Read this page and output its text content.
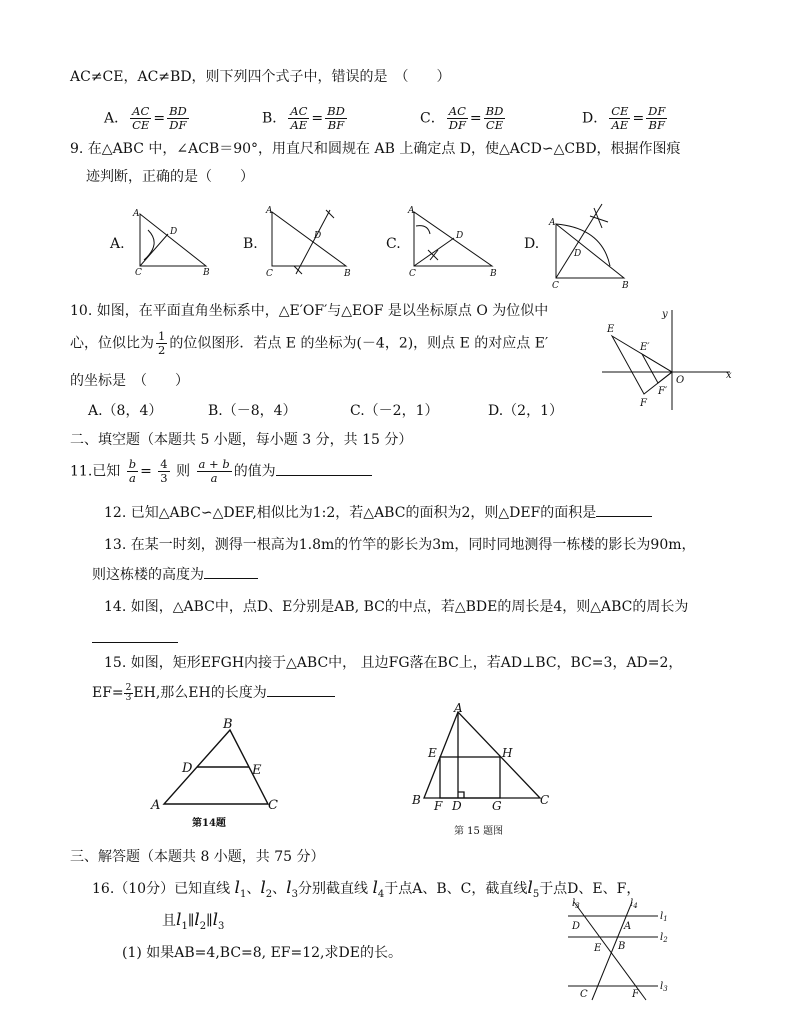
AC≠CE，AC≠BD，则下列四个式子中，错误的是　（　　）
A． $\frac{AC}{CE} = \frac{BD}{DF}$	B． $\frac{AC}{AE} = \frac{BD}{BF}$	C． $\frac{AC}{DF} = \frac{BD}{CE}$	D． $\frac{CE}{AE} = \frac{DF}{BF}$
9. 在△ABC 中，∠ACB＝90°，用直尺和圆规在 AB 上确定点 D，使△ACD∽△CBD，根据作图痕
迹判断，正确的是（　　）
A.
A
D
C	B
B.
A
D
C	B
C.
A
D
C	B
D.
A
D
C	B
10. 如图，在平面直角坐标系中，△E′OF′与△EOF 是以坐标原点 O 为位似中
心，位似比为 $\frac{1}{2}$ 的位似图形．若点 E 的坐标为(－4，2)，则点 E 的对应点 E′
的坐标是　（　　）
A.（8，4）	B.（－8，4）	C.（－2，1）	D.（2，1）
E
E′
F
F′
O	x
y
二、填空题（本题共 5 小题，每小题 3 分，共 15 分）
11.已知 $\frac{b}{a} = \frac{4}{3}$ 则 $\frac{a + b}{a}$ 的值为
12. 已知△ABC∽△DEF,相似比为1:2，若△ABC的面积为2，则△DEF的面积是
13. 在某一时刻，测得一根高为1.8m的竹竿的影长为3m，同时同地测得一栋楼的影长为90m，
则这栋楼的高度为
14. 如图，△ABC中，点D、E分别是AB, BC的中点，若△BDE的周长是4，则△ABC的周长为
15. 如图，矩形EFGH内接于△ABC中， 且边FG落在BC上，若AD⊥BC，BC=3，AD=2，
$EF= \frac{2}{3}$ EH,那么EH的长度为
B
D	E
A	C
第14题
A
E	H
B F D	G	C
第 15 题图
三、解答题（本题共 8 小题，共 75 分）
16.（10分）已知直线 $l_1$、$l_2$、$l_3$分别截直线 $l_4$于点A、B、C，截直线$l_5$于点D、E、F，
且$l_1\parallel l_2\parallel l_3$
(1) 如果AB=4,BC=8, EF=12,求DE的长。
$l_3$	$l_4$
$l_1$
$l_2$
$l_3$
D	A
E B
C	F
